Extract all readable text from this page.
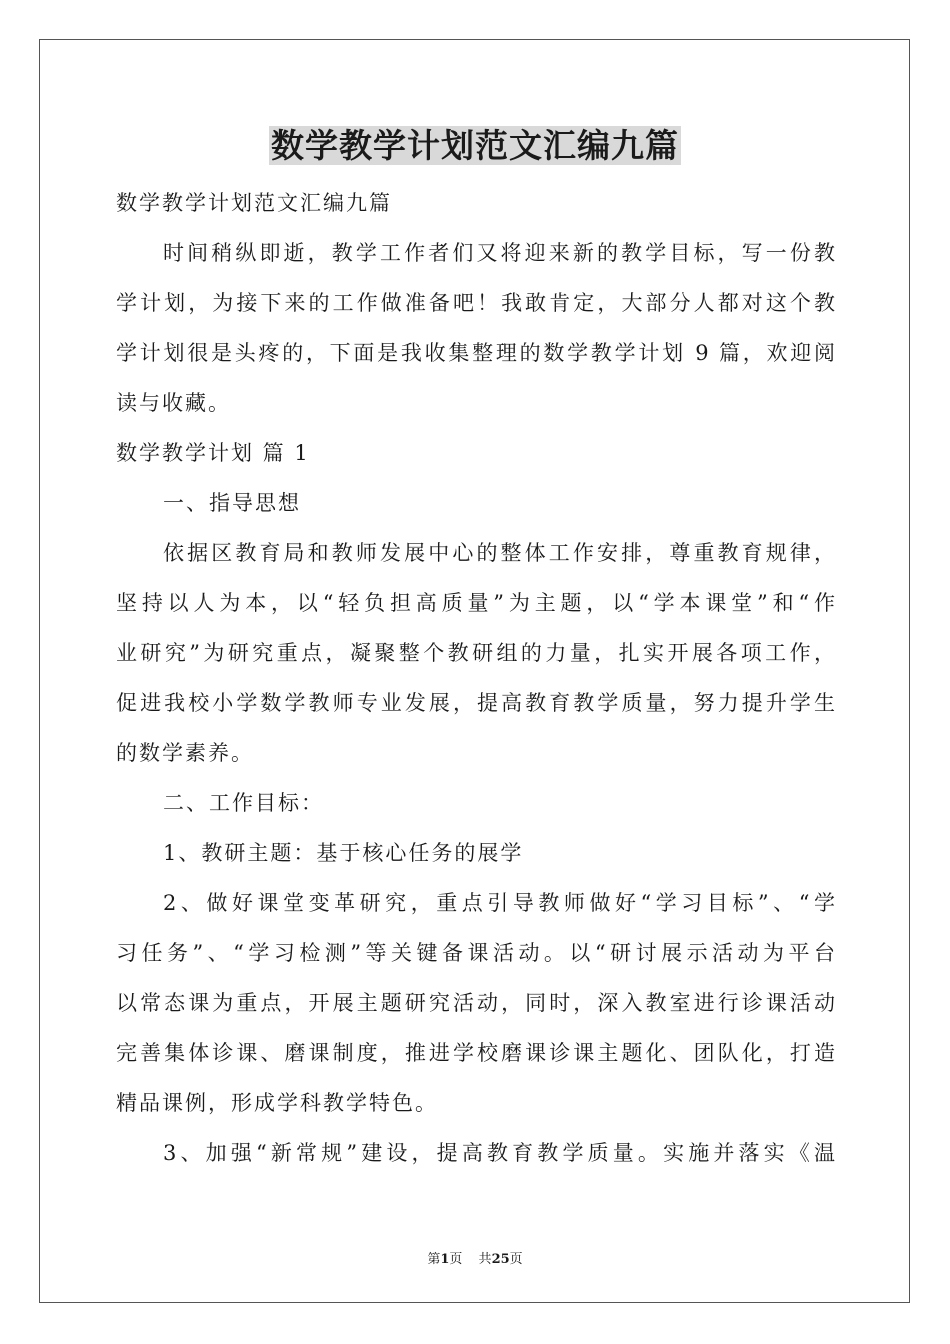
数学教学计划范文汇编九篇
数学教学计划范文汇编九篇
时间稍纵即逝，教学工作者们又将迎来新的教学目标，写一份教
学计划，为接下来的工作做准备吧！我敢肯定，大部分人都对这个教
学计划很是头疼的，下面是我收集整理的数学教学计划 9 篇，欢迎阅
读与收藏。
数学教学计划 篇 1
一、指导思想
依据区教育局和教师发展中心的整体工作安排，尊重教育规律，
坚持以人为本，以“轻负担高质量”为主题，以“学本课堂”和“作
业研究”为研究重点，凝聚整个教研组的力量，扎实开展各项工作，
促进我校小学数学教师专业发展，提高教育教学质量，努力提升学生
的数学素养。
二、工作目标：
1、教研主题：基于核心任务的展学
2、做好课堂变革研究，重点引导教师做好“学习目标”、“学
习任务”、“学习检测”等关键备课活动。以“研讨展示活动为平台
以常态课为重点，开展主题研究活动，同时，深入教室进行诊课活动
完善集体诊课、磨课制度，推进学校磨课诊课主题化、团队化，打造
精品课例，形成学科教学特色。
3、加强“新常规”建设，提高教育教学质量。实施并落实《温
第1页 共25页
